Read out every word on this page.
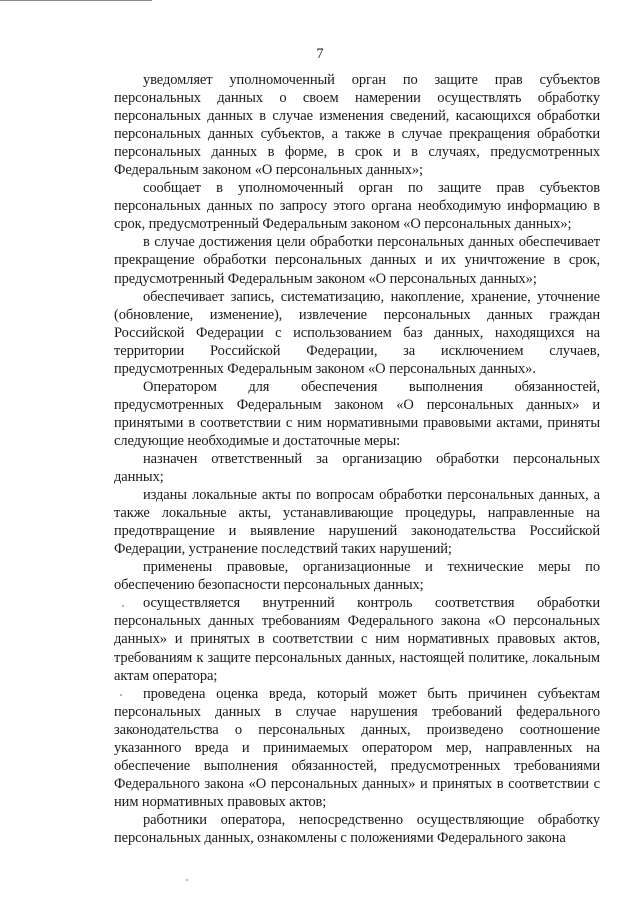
7

уведомляет уполномоченный орган по защите прав субъектов персональных данных о своем намерении осуществлять обработку персональных данных в случае изменения сведений, касающихся обработки персональных данных субъектов, а также в случае прекращения обработки персональных данных в форме, в срок и в случаях, предусмотренных Федеральным законом «О персональных данных»;

сообщает в уполномоченный орган по защите прав субъектов персональных данных по запросу этого органа необходимую информацию в срок, предусмотренный Федеральным законом «О персональных данных»;

в случае достижения цели обработки персональных данных обеспечивает прекращение обработки персональных данных и их уничтожение в срок, предусмотренный Федеральным законом «О персональных данных»;

обеспечивает запись, систематизацию, накопление, хранение, уточнение (обновление, изменение), извлечение персональных данных граждан Российской Федерации с использованием баз данных, находящихся на территории Российской Федерации, за исключением случаев, предусмотренных Федеральным законом «О персональных данных».

Оператором для обеспечения выполнения обязанностей, предусмотренных Федеральным законом «О персональных данных» и принятыми в соответствии с ним нормативными правовыми актами, приняты следующие необходимые и достаточные меры:

назначен ответственный за организацию обработки персональных данных;

изданы локальные акты по вопросам обработки персональных данных, а также локальные акты, устанавливающие процедуры, направленные на предотвращение и выявление нарушений законодательства Российской Федерации, устранение последствий таких нарушений;

применены правовые, организационные и технические меры по обеспечению безопасности персональных данных;

осуществляется внутренний контроль соответствия обработки персональных данных требованиям Федерального закона «О персональных данных» и принятых в соответствии с ним нормативных правовых актов, требованиям к защите персональных данных, настоящей политике, локальным актам оператора;

проведена оценка вреда, который может быть причинен субъектам персональных данных в случае нарушения требований федерального законодательства о персональных данных, произведено соотношение указанного вреда и принимаемых оператором мер, направленных на обеспечение выполнения обязанностей, предусмотренных требованиями Федерального закона «О персональных данных» и принятых в соответствии с ним нормативных правовых актов;

работники оператора, непосредственно осуществляющие обработку персональных данных, ознакомлены с положениями Федерального закона
